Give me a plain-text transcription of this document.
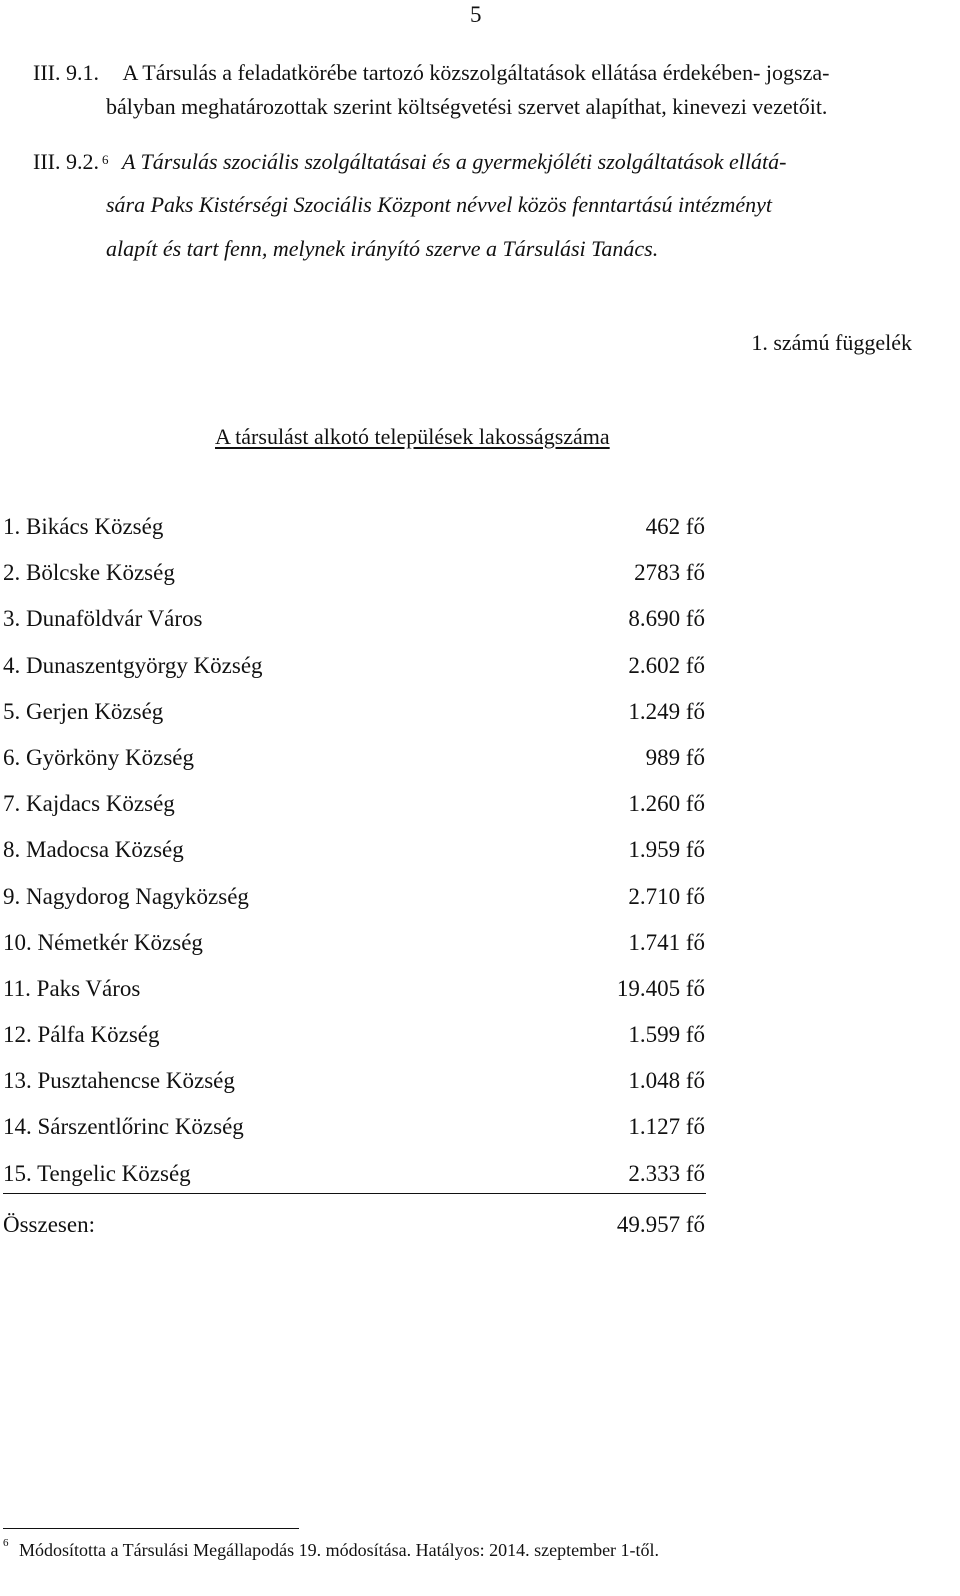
5
III. 9.1. A Társulás a feladatkörébe tartozó közszolgáltatások ellátása érdekében- jogsza-
bályban meghatározottak szerint költségvetési szervet alapíthat, kinevezi vezetőit.
III. 9.2. $^6$ A Társulás szociális szolgáltatásai és a gyermekjóléti szolgáltatások ellátá-
sára Paks Kistérségi Szociális Központ névvel közös fenntartású intézményt
alapít és tart fenn, melynek irányító szerve a Társulási Tanács.
1. számú függelék
A társulást alkotó települések lakosságszáma
1. Bikács Község	462 fő
2. Bölcske Község	2783 fő
3. Dunaföldvár Város	8.690 fő
4. Dunaszentgyörgy Község	2.602 fő
5. Gerjen Község	1.249 fő
6. Györköny Község	989 fő
7. Kajdacs Község	1.260 fő
8. Madocsa Község	1.959 fő
9. Nagydorog Nagyközség	2.710 fő
10. Németkér Község	1.741 fő
11. Paks Város	19.405 fő
12. Pálfa Község	1.599 fő
13. Pusztahencse Község	1.048 fő
14. Sárszentlőrinc Község	1.127 fő
15. Tengelic Község	2.333 fő
Összesen:	49.957 fő
$^6$ Módosította a Társulási Megállapodás 19. módosítása. Hatályos: 2014. szeptember 1-től.
